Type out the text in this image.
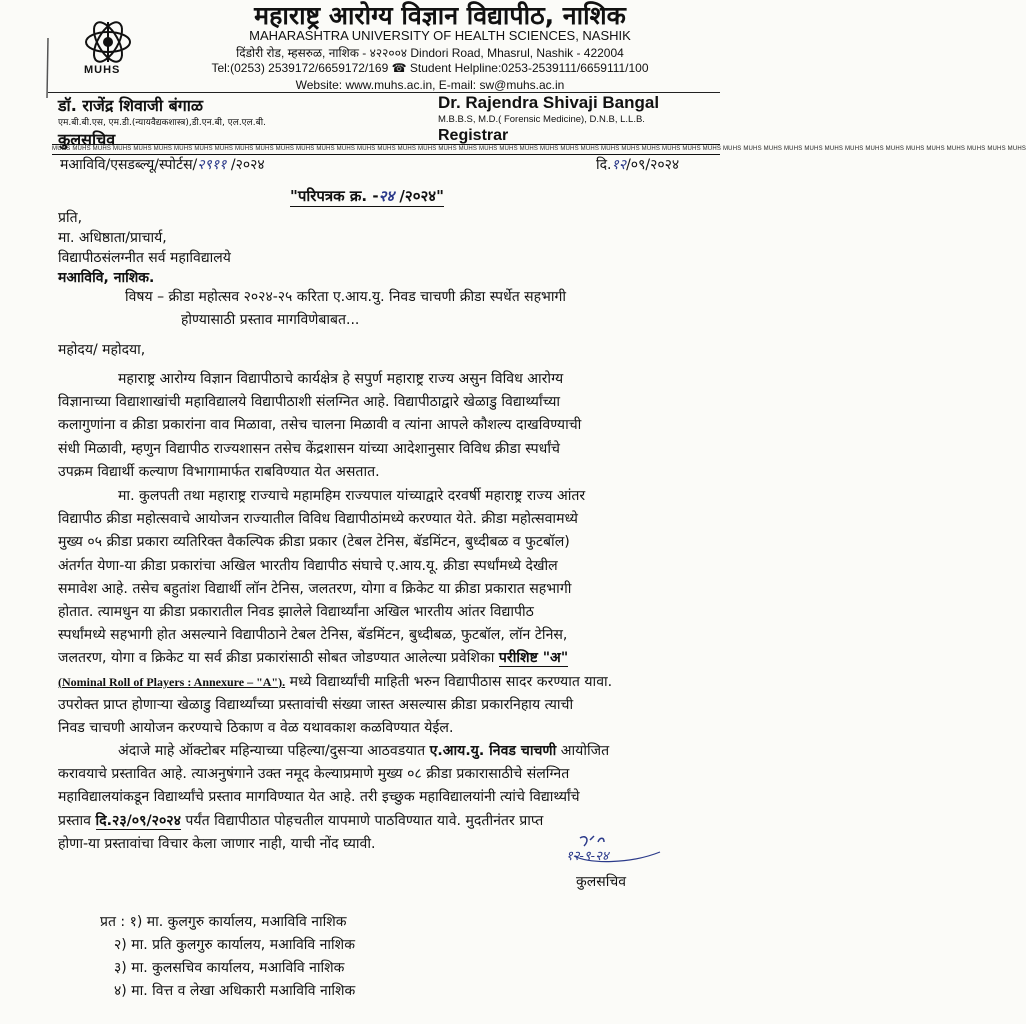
MUHS
महाराष्ट्र आरोग्य विज्ञान विद्यापीठ, नाशिक
MAHARASHTRA UNIVERSITY OF HEALTH SCIENCES, NASHIK
दिंडोरी रोड, म्हसरुळ, नाशिक - ४२२००४ Dindori Road, Mhasrul, Nashik - 422004
Tel:(0253) 2539172/6659172/169 ☎ Student Helpline:0253-2539111/6659111/100
Website: www.muhs.ac.in, E-mail: sw@muhs.ac.in
डॉ. राजेंद्र शिवाजी बंगाळ
एम.बी.बी.एस, एम.डी.(न्यायवैद्यकशास्त्र),डी.एन.बी, एल.एल.बी.
कुलसचिव
Dr. Rajendra Shivaji Bangal
M.B.B.S, M.D.( Forensic Medicine), D.N.B, L.L.B.
Registrar
MUHS MUHS MUHS MUHS MUHS MUHS MUHS MUHS MUHS MUHS MUHS MUHS MUHS MUHS MUHS MUHS MUHS MUHS MUHS MUHS MUHS MUHS MUHS MUHS MUHS MUHS MUHS MUHS MUHS MUHS MUHS MUHS MUHS MUHS MUHS MUHS MUHS MUHS MUHS MUHS MUHS MUHS MUHS MUHS MUHS MUHS MUHS MUHS
मआविवि/एसडब्ल्यू/स्पोर्टस/२९११ /२०२४	दि.१२/०९/२०२४
"परिपत्रक क्र. -२४ /२०२४"
प्रति,
मा. अधिष्ठाता/प्राचार्य,
विद्यापीठसंलग्नीत सर्व महाविद्यालये
मआविवि, नाशिक.
विषय – क्रीडा महोत्सव २०२४-२५ करिता ए.आय.यु. निवड चाचणी क्रीडा स्पर्धेत सहभागी
होण्यासाठी प्रस्ताव मागविणेबाबत...
महोदय/ महोदया,
महाराष्ट्र आरोग्य विज्ञान विद्यापीठाचे कार्यक्षेत्र हे सपुर्ण महाराष्ट्र राज्य असुन विविध आरोग्य
विज्ञानाच्या विद्याशाखांची महाविद्यालये विद्यापीठाशी संलग्नित आहे. विद्यापीठाद्वारे खेळाडु विद्यार्थ्यांच्या
कलागुणांना व क्रीडा प्रकारांना वाव मिळावा, तसेच चालना मिळावी व त्यांना आपले कौशल्य दाखविण्याची
संधी मिळावी, म्हणुन विद्यापीठ राज्यशासन तसेच केंद्रशासन यांच्या आदेशानुसार विविध क्रीडा स्पर्धांचे
उपक्रम विद्यार्थी कल्याण विभागामार्फत राबविण्यात येत असतात.
मा. कुलपती तथा महाराष्ट्र राज्याचे महामहिम राज्यपाल यांच्याद्वारे दरवर्षी महाराष्ट्र राज्य आंतर
विद्यापीठ क्रीडा महोत्सवाचे आयोजन राज्यातील विविध विद्यापीठांमध्ये करण्यात येते. क्रीडा महोत्सवामध्ये
मुख्य ०५ क्रीडा प्रकारा व्यतिरिक्त वैकल्पिक क्रीडा प्रकार (टेबल टेनिस, बॅडमिंटन, बुध्दीबळ व फुटबॉल)
अंतर्गत येणा-या क्रीडा प्रकारांचा अखिल भारतीय विद्यापीठ संघाचे ए.आय.यू. क्रीडा स्पर्धांमध्ये देखील
समावेश आहे. तसेच बहुतांश विद्यार्थी लॉन टेनिस, जलतरण, योगा व क्रिकेट या क्रीडा प्रकारात सहभागी
होतात. त्यामधुन या क्रीडा प्रकारातील निवड झालेले विद्यार्थ्यांना अखिल भारतीय आंतर विद्यापीठ
स्पर्धांमध्ये सहभागी होत असल्याने विद्यापीठाने टेबल टेनिस, बॅडमिंटन, बुध्दीबळ, फुटबॉल, लॉन टेनिस,
जलतरण, योगा व क्रिकेट या सर्व क्रीडा प्रकारांसाठी सोबत जोडण्यात आलेल्या प्रवेशिका परीशिष्ट "अ"
(Nominal Roll of Players : Annexure – "A"). मध्ये विद्यार्थ्यांची माहिती भरुन विद्यापीठास सादर करण्यात यावा.
उपरोक्त प्राप्त होणाऱ्या खेळाडु विद्यार्थ्यांच्या प्रस्तावांची संख्या जास्त असल्यास क्रीडा प्रकारनिहाय त्याची
निवड चाचणी आयोजन करण्याचे ठिकाण व वेळ यथावकाश कळविण्यात येईल.
अंदाजे माहे ऑक्टोबर महिन्याच्या पहिल्या/दुसऱ्या आठवडयात ए.आय.यु. निवड चाचणी आयोजित
करावयाचे प्रस्तावित आहे. त्याअनुषंगाने उक्त नमूद केल्याप्रमाणे मुख्य ०८ क्रीडा प्रकारासाठीचे संलग्नित
महाविद्यालयांकडून विद्यार्थ्यांचे प्रस्ताव मागविण्यात येत आहे. तरी इच्छुक महाविद्यालयांनी त्यांचे विद्यार्थ्यांचे
प्रस्ताव दि.२३/०९/२०२४ पर्यंत विद्यापीठात पोहचतील यापमाणे पाठविण्यात यावे. मुदतीनंतर प्राप्त
होणा-या प्रस्तावांचा विचार केला जाणार नाही, याची नोंद घ्यावी.
१२-९-२४
कुलसचिव
प्रत : १) मा. कुलगुरु कार्यालय, मआविवि नाशिक
२) मा. प्रति कुलगुरु कार्यालय, मआविवि नाशिक
३) मा. कुलसचिव कार्यालय, मआविवि नाशिक
४) मा. वित्त व लेखा अधिकारी मआविवि नाशिक
